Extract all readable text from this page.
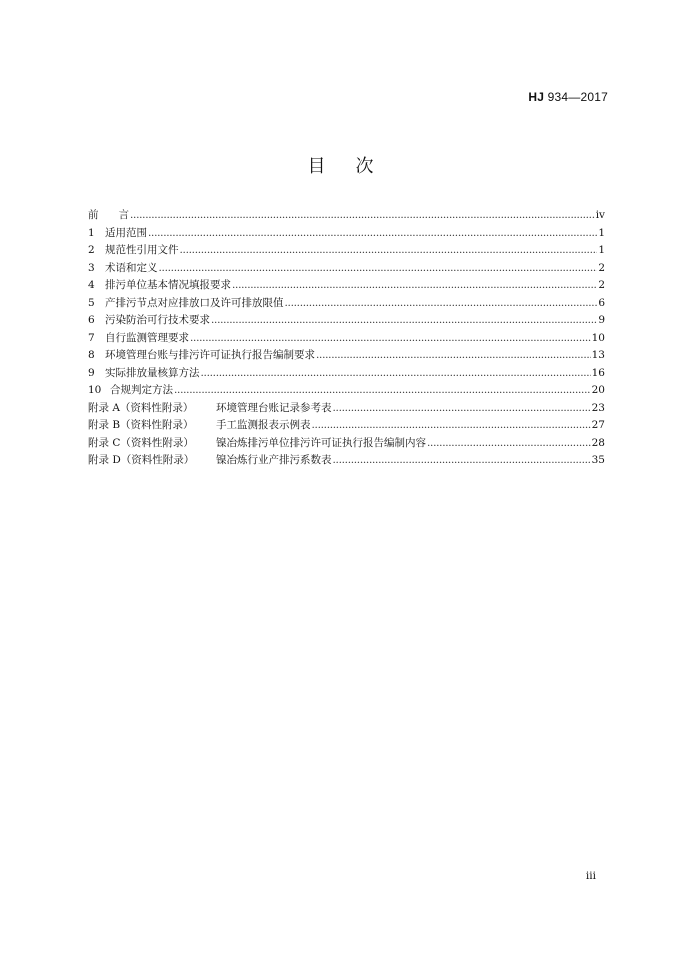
HJ 934—2017
目 次
前 言 .....	iv
1 适用范围 .....	1
2 规范性引用文件 .....	1
3 术语和定义 .....	2
4 排污单位基本情况填报要求 .....	2
5 产排污节点对应排放口及许可排放限值 .....	6
6 污染防治可行技术要求 .....	9
7 自行监测管理要求 .....	10
8 环境管理台账与排污许可证执行报告编制要求 .....	13
9 实际排放量核算方法 .....	16
10 合规判定方法 .....	20
附录 A（资料性附录） 环境管理台账记录参考表 .....	23
附录 B（资料性附录） 手工监测报表示例表 .....	27
附录 C（资料性附录） 镍冶炼排污单位排污许可证执行报告编制内容 .....	28
附录 D（资料性附录） 镍冶炼行业产排污系数表 .....	35
iii
